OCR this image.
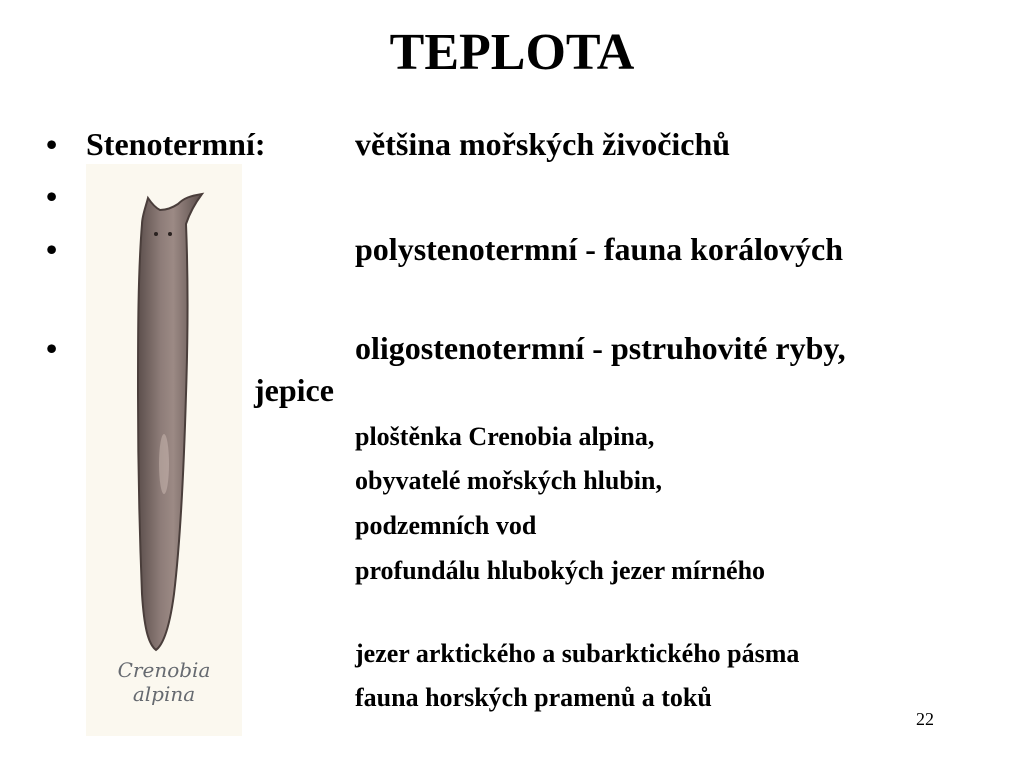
TEPLOTA
•
•
•
•
Stenotermní:	většina mořských živočichů
polystenotermní - fauna korálových
oligostenotermní - pstruhovité ryby,
jepice
ploštěnka Crenobia alpina,
obyvatelé mořských hlubin,
podzemních vod
profundálu hlubokých jezer mírného
jezer arktického a subarktického pásma
fauna horských pramenů a toků
Crenobia
alpina
22
